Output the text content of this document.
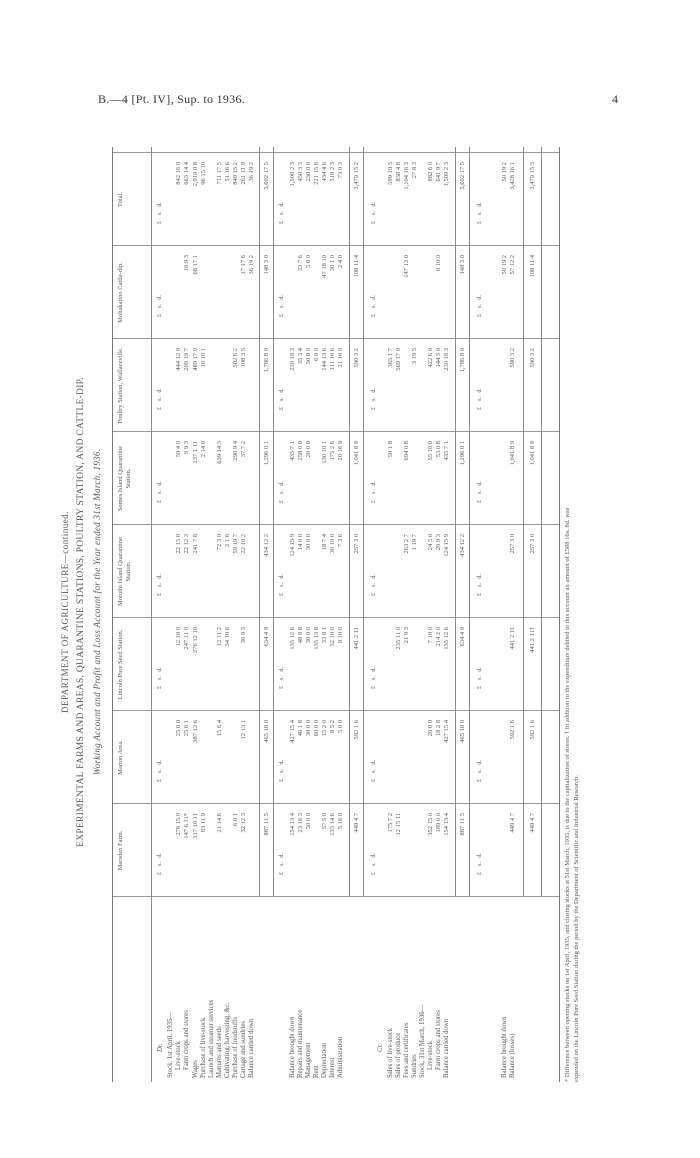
B.—4 [Pt. IV], Sup. to 1936.	4
DEPARTMENT OF AGRICULTURE—continued. EXPERIMENTAL FARMS AND AREAS, QUARANTINE STATIONS, POULTRY STATION, AND CATTLE-DIP. Working Account and Profit and Loss Account for the Year ended 31st March, 1936.
Marsden Farm.
Marton Area.
Lincoln Pure Seed Station.
Motuihi Island Quarantine Station.
Somes Island Quarantine Station.
Poultry Station, Wallaceville.
Mohakatino Cattle-dip.
Total.
£    s.   d.
£    s.   d.
£    s.   d.
£    s.   d.
£    s.   d.
£    s.   d.
£    s.   d.
£    s.   d.
Dr. Stock, 1st April, 1935— Live-stock
278 15 0
25 0 0
12 10 0
22 15 0
59 4 0
444 12 0
842 16 0
Farm crops and stores
147 6 11*
25 6 1
247 11 0
22 12 3
9 9 3
209 19 7
10 9 3
663 14 4
Wages
317 10 11
387 12 6
276 12 10
241 7 8
237 1 11
489 17 9
68 17 1
2,019 0 8
Purchase of live-stock
83 11 9
2 14 0
10 10 1
96 15 10
Launch and steamer services Manures and seeds
21 14 6
15 6 4
12 11 2
72 3 0
639 14 3
711 17 5
Cultivating, harvesting, &c.
34 10 6
2 1 6
51 16 6
Purchase of foodstuffs
6 0 1
59 19 7
290 9 4
502 6 2
849 15 2
Cartage and sundries
32 12 3
12 13 1
30 9 3
22 10 2
37 7 2
108 3 5
17 17 6
261 11 9
Balance carried down
36 19 2
36 19 2
887 11 5
465 18 0
634 4 9
434 12 2
1,296 0 1
1,786 8 0
148 3 0
5,602 17 5
£    s.   d.
£    s.   d.
£    s.   d.
£    s.   d.
£    s.   d.
£    s.   d.
£    s.   d.
£    s.   d.
Balance brought down
154 13 4
427 15 4
135 12 6
124 15 9
435 7 1
230 18 3
1,508 2 3
Repairs and maintenance
23 16 3
46 1 8
48 8 8
14 0 0
258 0 0
35 3 4
33 7 6
450 3 3
Management
50 0 0
30 0 0
30 0 0
30 0 0
20 0 0
50 0 0
5 0 0
230 0 0
Rent
60 0 0
135 13 8
6 0 0
221 15 8
Depreciation
57 5 0
15 2 0
33 8 1
18 7 4
130 10 1
144 13 6
47 18 10
434 4 6
Interest
133 14 6
8 5 2
32 10 0
30 10 0
175 2 6
111 10 6
30 1 0
519 2 3
Administration
5 16 0
5 0 0
9 10 0
7 3 6
20 16 9
21 10 0
2 4 0
73 0 3
449 4 7
592 1 6
441 2 11
257 3 0
1,041 8 9
590 3 2
108 11 4
3,479 15 2
£    s.   d.
£    s.   d.
£    s.   d.
£    s.   d.
£    s.   d.
£    s.   d.
£    s.   d.
£    s.   d.
Cr. Sales of live-stock
175 7 2
59 1 8
365 1 7
599 10 5
Sales of produce
12 15 11
235 11 0
569 17 9
838 4 8
Fees and certificates
21 9 3
263 2 7
694 0 8
147 13 0
1,104 16 3
Sundries
1 19 7
3 19 5
27 8 3
Stock, 31st March, 1936— Live-stock
352 15 0
20 0 0
7 10 0
24 5 0
55 10 0
422 6 0
882 6 0
Farm crops and stores
189 0 0
18 2 8
214 2 0
20 9 3
53 0 8
144 5 0
0 10 0
641 9 7
Balance carried down
154 13 4
427 15 4
135 12 6
124 15 9
435 7 1
230 18 3
1,509 2 3
887 11 5
465 18 0
634 4 9
434 12 2
1,296 0 1
1,786 8 0
148 3 0
5,602 17 5
£    s.   d.
£    s.   d.
£    s.   d.
£    s.   d.
£    s.   d.
£    s.   d.
£    s.   d.
£    s.   d.
Balance brought down
50 19 2
50 19 2
Balance (losses)
449 4 7
592 1 6
441 2 11
257 3 0
1,041 8 9
590 3 2
57 12 2
3,428 16 1
449 4 7
592 1 6
441 2 11†
257 3 0
1,041 8 9
590 3 2
108 11 4
3,479 15 3
* Difference between opening stocks on 1st April, 1935, and closing stocks at 31st March, 1935, is due to the capitalization of stores. † In addition to the expenditure debited in this account an amount of £588 16s. 8d. was expended on the Lincoln Pure Seed Station during the period by the Department of Scientific and Industrial Research.
